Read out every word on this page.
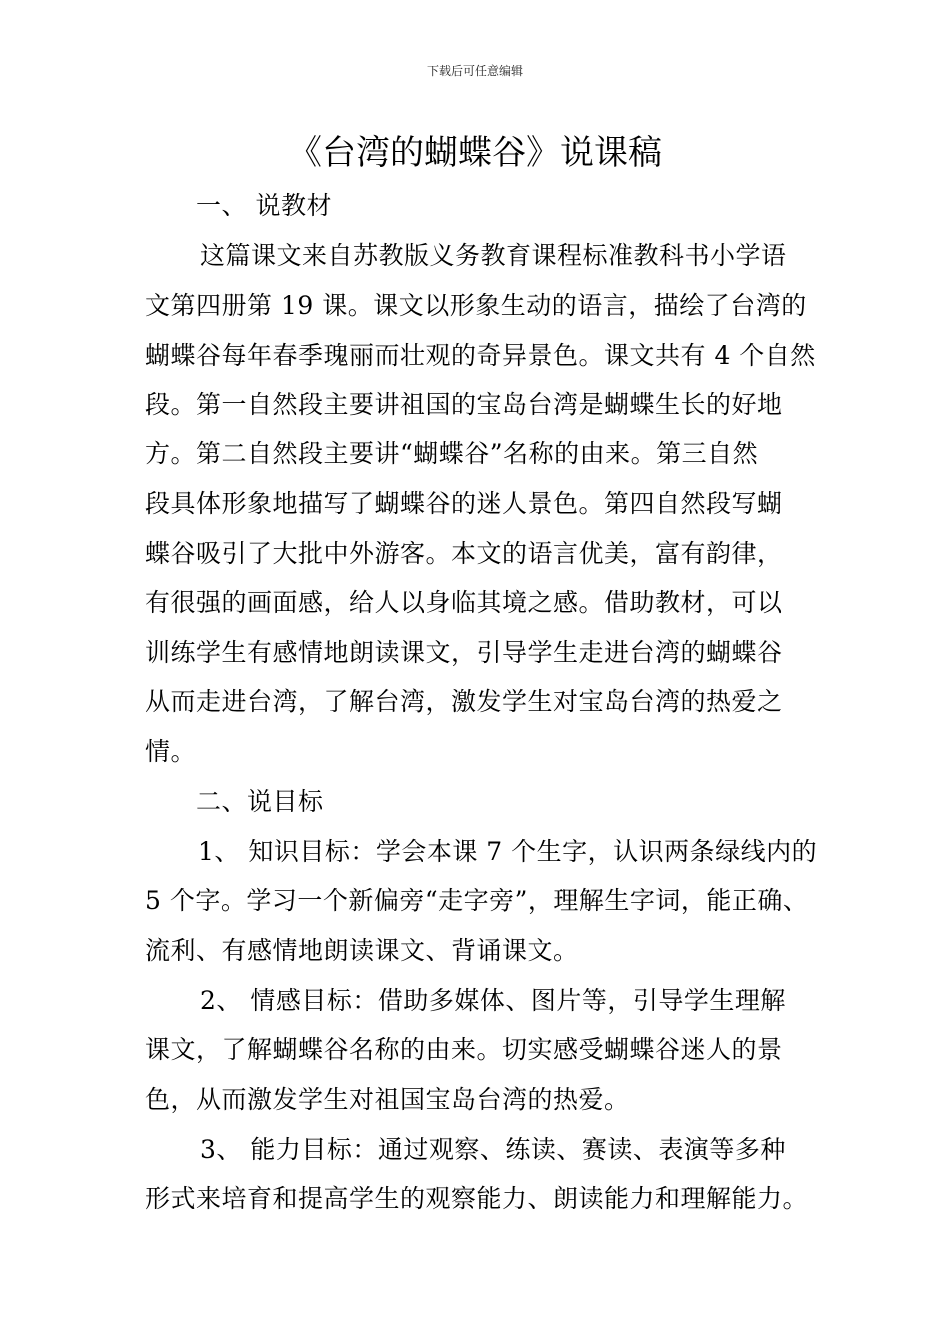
下载后可任意编辑
《台湾的蝴蝶谷》说课稿
一、 说教材
这篇课文来自苏教版义务教育课程标准教科书小学语
文第四册第 19 课。课文以形象生动的语言，描绘了台湾的
蝴蝶谷每年春季瑰丽而壮观的奇异景色。课文共有 4 个自然
段。第一自然段主要讲祖国的宝岛台湾是蝴蝶生长的好地
方。第二自然段主要讲“蝴蝶谷”名称的由来。第三自然
段具体形象地描写了蝴蝶谷的迷人景色。第四自然段写蝴
蝶谷吸引了大批中外游客。本文的语言优美，富有韵律，
有很强的画面感，给人以身临其境之感。借助教材，可以
训练学生有感情地朗读课文，引导学生走进台湾的蝴蝶谷
从而走进台湾，了解台湾，激发学生对宝岛台湾的热爱之
情。
二、说目标
1、 知识目标：学会本课 7 个生字，认识两条绿线内的
5 个字。学习一个新偏旁“走字旁”，理解生字词，能正确、
流利、有感情地朗读课文、背诵课文。
2、 情感目标：借助多媒体、图片等，引导学生理解
课文，了解蝴蝶谷名称的由来。切实感受蝴蝶谷迷人的景
色，从而激发学生对祖国宝岛台湾的热爱。
3、 能力目标：通过观察、练读、赛读、表演等多种
形式来培育和提高学生的观察能力、朗读能力和理解能力。
